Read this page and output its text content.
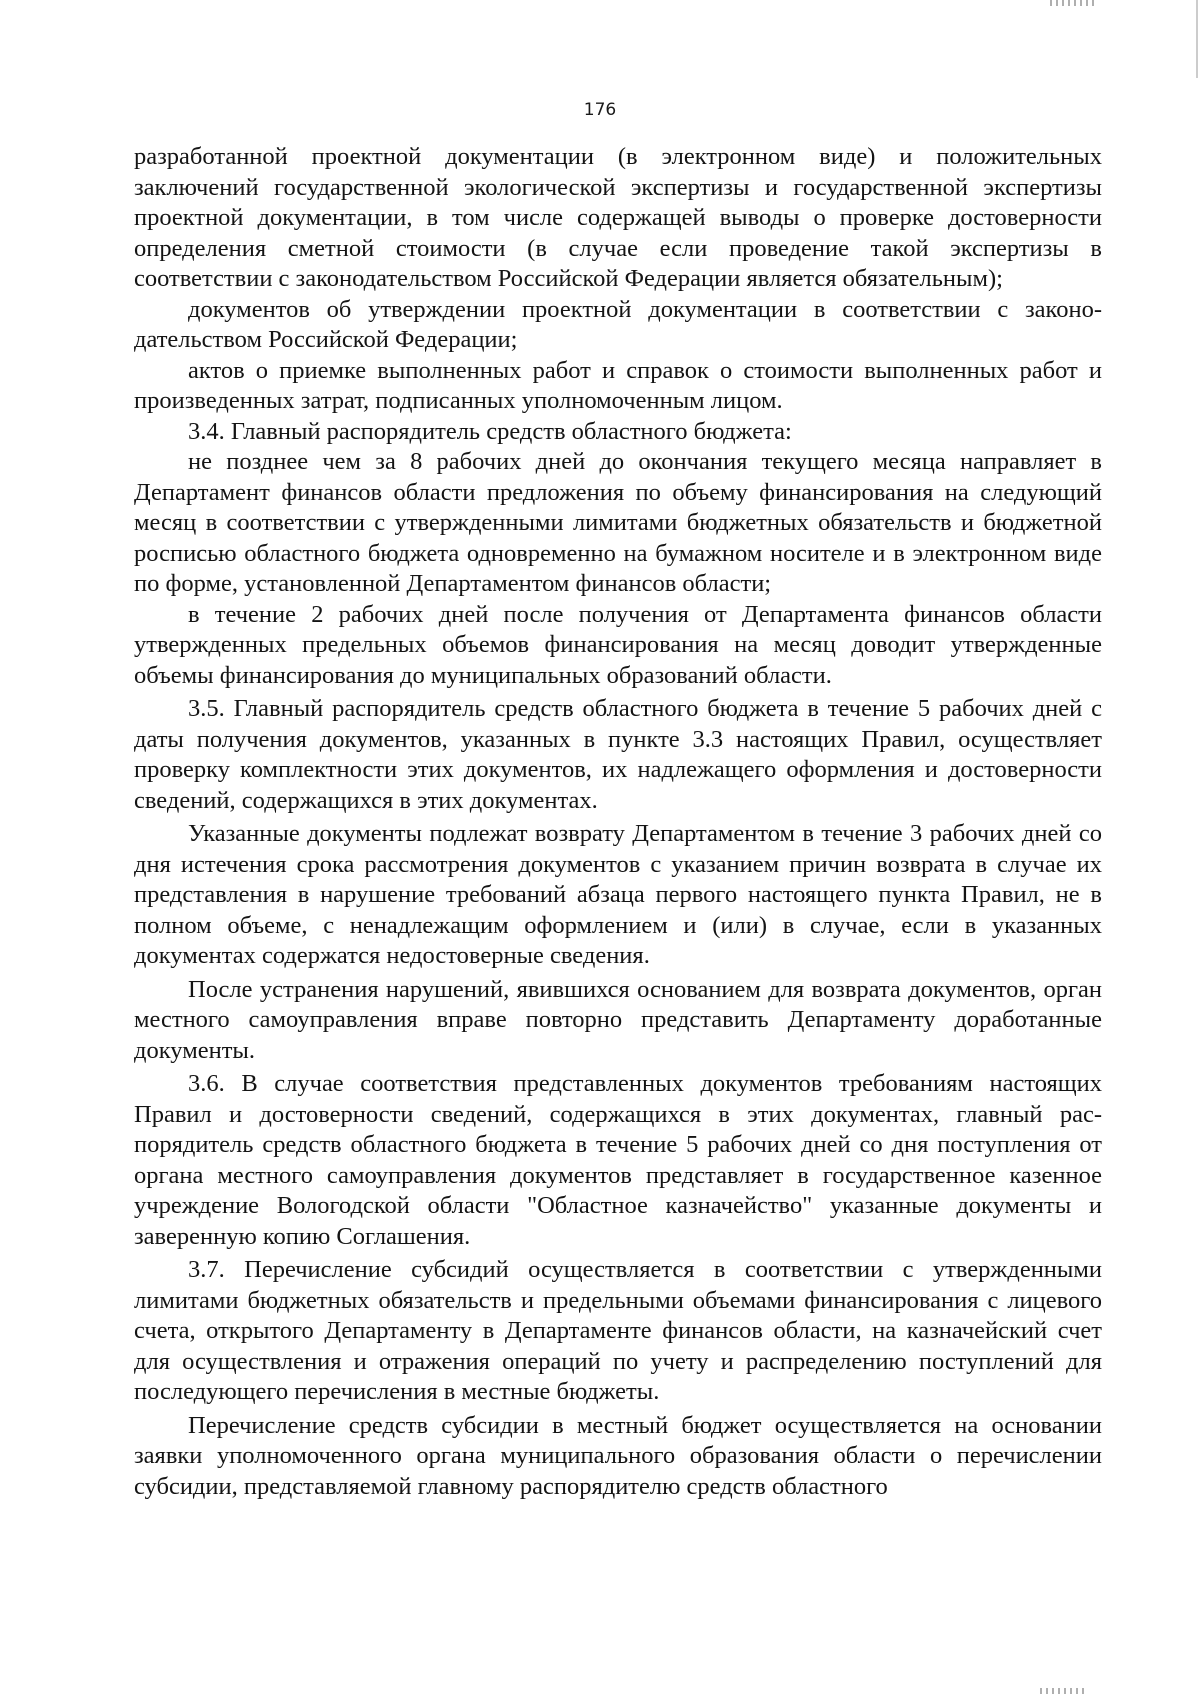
176

разработанной проектной документации (в электронном виде) и положительных заключений государственной экологической экспертизы и государственной экспертизы проектной документации, в том числе содержащей выводы о проверке достоверности определения сметной стоимости (в случае если проведение такой экспертизы в соответствии с законодательством Российской Федерации является обязательным);

документов об утверждении проектной документации в соответствии с законодательством Российской Федерации;

актов о приемке выполненных работ и справок о стоимости выполненных работ и произведенных затрат, подписанных уполномоченным лицом.

3.4. Главный распорядитель средств областного бюджета:

не позднее чем за 8 рабочих дней до окончания текущего месяца направляет в Департамент финансов области предложения по объему финансирования на следующий месяц в соответствии с утвержденными лимитами бюджетных обязательств и бюджетной росписью областного бюджета одновременно на бумажном носителе и в электронном виде по форме, установленной Департаментом финансов области;

в течение 2 рабочих дней после получения от Департамента финансов области утвержденных предельных объемов финансирования на месяц доводит утвержденные объемы финансирования до муниципальных образований области.

3.5. Главный распорядитель средств областного бюджета в течение 5 рабочих дней с даты получения документов, указанных в пункте 3.3 настоящих Правил, осуществляет проверку комплектности этих документов, их надлежащего оформления и достоверности сведений, содержащихся в этих документах.

Указанные документы подлежат возврату Департаментом в течение 3 рабочих дней со дня истечения срока рассмотрения документов с указанием причин возврата в случае их представления в нарушение требований абзаца первого настоящего пункта Правил, не в полном объеме, с ненадлежащим оформлением и (или) в случае, если в указанных документах содержатся недостоверные сведения.

После устранения нарушений, явившихся основанием для возврата документов, орган местного самоуправления вправе повторно представить Департаменту доработанные документы.

3.6. В случае соответствия представленных документов требованиям настоящих Правил и достоверности сведений, содержащихся в этих документах, главный распорядитель средств областного бюджета в течение 5 рабочих дней со дня поступления от органа местного самоуправления документов представляет в государственное казенное учреждение Вологодской области "Областное казначейство" указанные документы и заверенную копию Соглашения.

3.7. Перечисление субсидий осуществляется в соответствии с утвержденными лимитами бюджетных обязательств и предельными объемами финансирования с лицевого счета, открытого Департаменту в Департаменте финансов области, на казначейский счет для осуществления и отражения операций по учету и распределению поступлений для последующего перечисления в местные бюджеты.

Перечисление средств субсидии в местный бюджет осуществляется на основании заявки уполномоченного органа муниципального образования области о перечислении субсидии, представляемой главному распорядителю средств областного
